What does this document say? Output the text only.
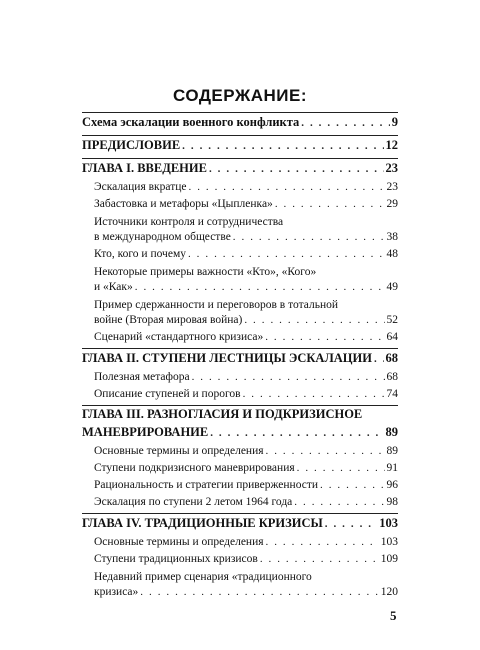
СОДЕРЖАНИЕ:
Схема эскалации военного конфликта . . .	9
ПРЕДИСЛОВИЕ . . .	12
ГЛАВА I. ВВЕДЕНИЕ . . .	23
Эскалация вкратце . . .	23
Забастовка и метафоры «Цыпленка» . . .	29
Источники контроля и сотрудничества
в международном обществе . . .	38
Кто, кого и почему . . .	48
Некоторые примеры важности «Кто», «Кого»
и «Как» . . .	49
Пример сдержанности и переговоров в тотальной
войне (Вторая мировая война) . . .	52
Сценарий «стандартного кризиса» . . .	64
ГЛАВА II. СТУПЕНИ ЛЕСТНИЦЫ ЭСКАЛАЦИИ . . . 68
Полезная метафора . . .	68
Описание ступеней и порогов . . .	74
ГЛАВА III. РАЗНОГЛАСИЯ И ПОДКРИЗИСНОЕ
МАНЕВРИРОВАНИЕ . . .	89
Основные термины и определения . . .	89
Ступени подкризисного маневрирования . . .	91
Рациональность и стратегии приверженности . . .	96
Эскалация по ступени 2 летом 1964 года . . .	98
ГЛАВА IV. ТРАДИЦИОННЫЕ КРИЗИСЫ . . .	103
Основные термины и определения . . .	103
Ступени традиционных кризисов . . .	109
Недавний пример сценария «традиционного
кризиса» . . .	120
5
